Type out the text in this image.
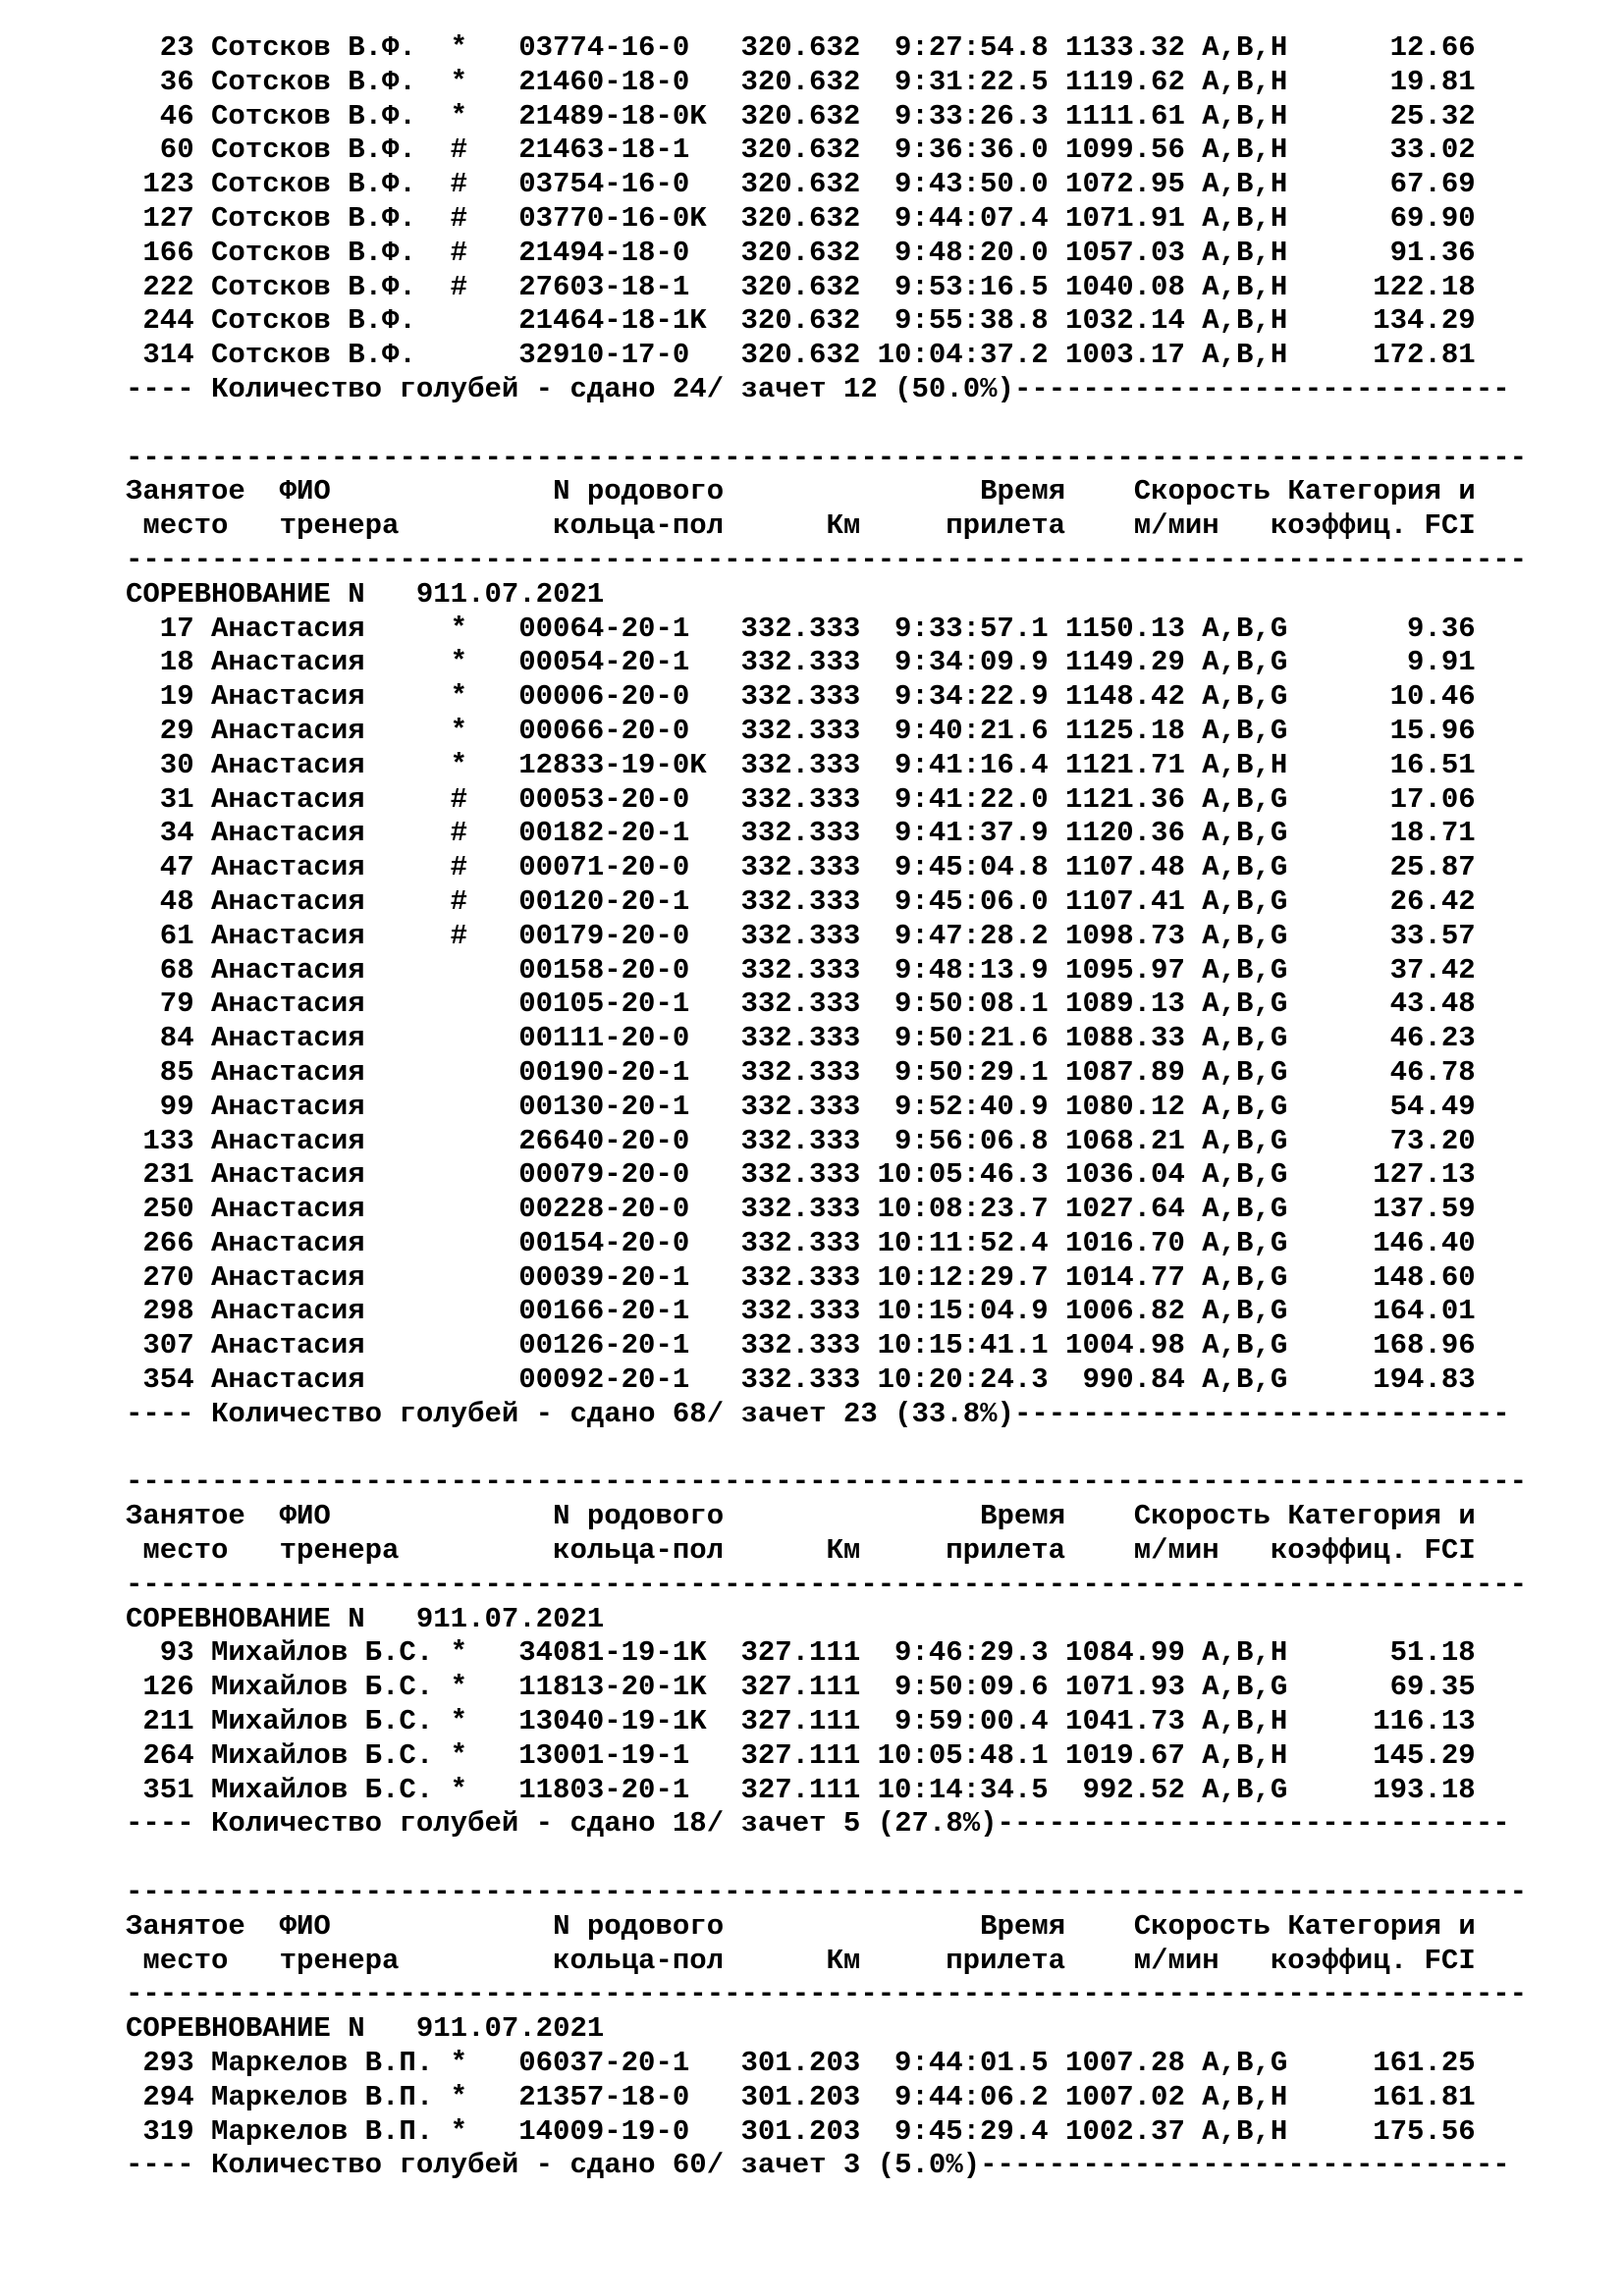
23 Сотсков В.Ф. * 03774-16-0 320.632 9:27:54.8 1133.32 A,B,H	12.66
36 Сотсков В.Ф. * 21460-18-0 320.632 9:31:22.5 1119.62 A,B,H	19.81
46 Сотсков В.Ф. * 21489-18-0K 320.632 9:33:26.3 1111.61 A,B,H	25.32
60 Сотсков В.Ф. # 21463-18-1 320.632 9:36:36.0 1099.56 A,B,H	33.02
123 Сотсков В.Ф. # 03754-16-0 320.632 9:43:50.0 1072.95 A,B,H	67.69
127 Сотсков В.Ф. # 03770-16-0K 320.632 9:44:07.4 1071.91 A,B,H	69.90
166 Сотсков В.Ф. # 21494-18-0 320.632 9:48:20.0 1057.03 A,B,H	91.36
222 Сотсков В.Ф. # 27603-18-1 320.632 9:53:16.5 1040.08 A,B,H	122.18
244 Сотсков В.Ф.	21464-18-1K 320.632 9:55:38.8 1032.14 A,B,H	134.29
314 Сотсков В.Ф.	32910-17-0 320.632 10:04:37.2 1003.17 A,B,H	172.81
---- Количество голубей - сдано 24/ зачет 12 (50.0%)-----------------------------
----------------------------------------------------------------------------------
Занятое ФИО	N родового	Время Скорость Категория и
место тренера	кольца-пол	Км	прилета м/мин коэффиц. FCI
----------------------------------------------------------------------------------
СОРЕВНОВАНИЕ N   911.07.2021
17 Анастасия	* 00064-20-1 332.333 9:33:57.1 1150.13 A,B,G	9.36
18 Анастасия	* 00054-20-1 332.333 9:34:09.9 1149.29 A,B,G	9.91
19 Анастасия	* 00006-20-0 332.333 9:34:22.9 1148.42 A,B,G	10.46
29 Анастасия	* 00066-20-0 332.333 9:40:21.6 1125.18 A,B,G	15.96
30 Анастасия	* 12833-19-0K 332.333 9:41:16.4 1121.71 A,B,H	16.51
31 Анастасия	# 00053-20-0 332.333 9:41:22.0 1121.36 A,B,G	17.06
34 Анастасия	# 00182-20-1 332.333 9:41:37.9 1120.36 A,B,G	18.71
47 Анастасия	# 00071-20-0 332.333 9:45:04.8 1107.48 A,B,G	25.87
48 Анастасия	# 00120-20-1 332.333 9:45:06.0 1107.41 A,B,G	26.42
61 Анастасия	# 00179-20-0 332.333 9:47:28.2 1098.73 A,B,G	33.57
68 Анастасия	00158-20-0 332.333 9:48:13.9 1095.97 A,B,G	37.42
79 Анастасия	00105-20-1 332.333 9:50:08.1 1089.13 A,B,G	43.48
84 Анастасия	00111-20-0 332.333 9:50:21.6 1088.33 A,B,G	46.23
85 Анастасия	00190-20-1 332.333 9:50:29.1 1087.89 A,B,G	46.78
99 Анастасия	00130-20-1 332.333 9:52:40.9 1080.12 A,B,G	54.49
133 Анастасия	26640-20-0 332.333 9:56:06.8 1068.21 A,B,G	73.20
231 Анастасия	00079-20-0 332.333 10:05:46.3 1036.04 A,B,G	127.13
250 Анастасия	00228-20-0 332.333 10:08:23.7 1027.64 A,B,G	137.59
266 Анастасия	00154-20-0 332.333 10:11:52.4 1016.70 A,B,G	146.40
270 Анастасия	00039-20-1 332.333 10:12:29.7 1014.77 A,B,G	148.60
298 Анастасия	00166-20-1 332.333 10:15:04.9 1006.82 A,B,G	164.01
307 Анастасия	00126-20-1 332.333 10:15:41.1 1004.98 A,B,G	168.96
354 Анастасия	00092-20-1 332.333 10:20:24.3 990.84 A,B,G	194.83
---- Количество голубей - сдано 68/ зачет 23 (33.8%)-----------------------------
----------------------------------------------------------------------------------
Занятое ФИО	N родового	Время Скорость Категория и
место тренера	кольца-пол	Км	прилета м/мин коэффиц. FCI
----------------------------------------------------------------------------------
СОРЕВНОВАНИЕ N   911.07.2021
93 Михайлов Б.С. * 34081-19-1K 327.111 9:46:29.3 1084.99 A,B,H	51.18
126 Михайлов Б.С. * 11813-20-1K 327.111 9:50:09.6 1071.93 A,B,G	69.35
211 Михайлов Б.С. * 13040-19-1K 327.111 9:59:00.4 1041.73 A,B,H	116.13
264 Михайлов Б.С. * 13001-19-1 327.111 10:05:48.1 1019.67 A,B,H	145.29
351 Михайлов Б.С. * 11803-20-1 327.111 10:14:34.5 992.52 A,B,G	193.18
---- Количество голубей - сдано 18/ зачет 5 (27.8%)------------------------------
----------------------------------------------------------------------------------
Занятое ФИО	N родового	Время Скорость Категория и
место тренера	кольца-пол	Км	прилета м/мин коэффиц. FCI
----------------------------------------------------------------------------------
СОРЕВНОВАНИЕ N   911.07.2021
293 Маркелов В.П. * 06037-20-1 301.203 9:44:01.5 1007.28 A,B,G	161.25
294 Маркелов В.П. * 21357-18-0 301.203 9:44:06.2 1007.02 A,B,H	161.81
319 Маркелов В.П. * 14009-19-0 301.203 9:45:29.4 1002.37 A,B,H	175.56
---- Количество голубей - сдано 60/ зачет 3 (5.0%)-------------------------------
